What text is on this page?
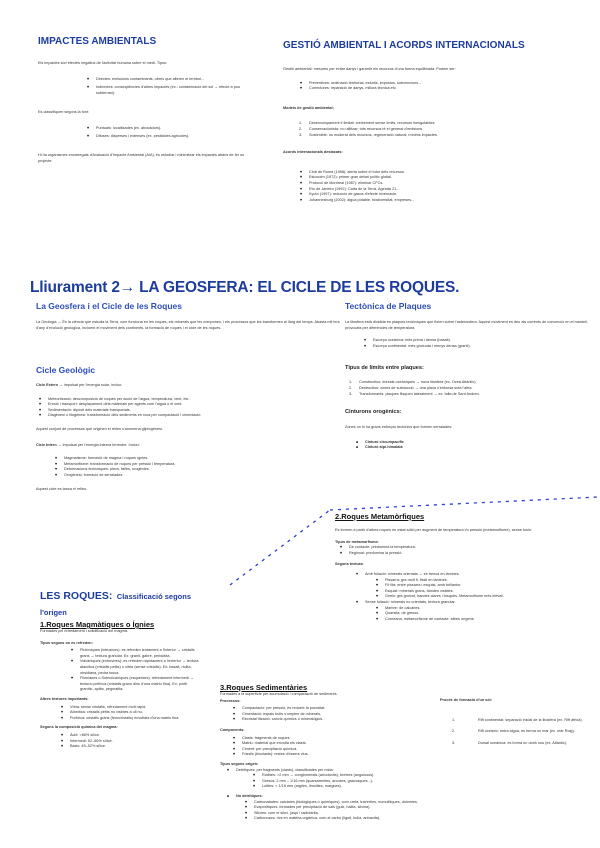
IMPACTES AMBIENTALS
Els impactes són efectes negatius de l'activitat humana sobre el medi. Tipus:
• Directes: emissions contaminants, obres que alteren el territori...
• Indirectes: conseqüències d'altres impactes (ex.: contaminació del sòl → efecte a pou subterrani).
Es classifiquen segons la font:
• Puntuals: localitzades (ex. abocadors).
• Difuses: disperses i extenses (ex. pesticides agrícoles).
Hi ha organismes encarregats d'Avaluació d'Impacte Ambiental (AIA), es estudiar i minimitzar els impactes abans de fer un projecte.
GESTIÓ AMBIENTAL I ACORDS INTERNACIONALS
Gestió ambiental: mesures per evitar danys i garantir els recursos d'una forma equilibrada. Podem ser:
• Preventives: ordenació territorial, estudis, impostos, subvencions...
• Correctores: reparació de danys, millora tècnica etc.
Models de gestió ambiental:
1. Desenvolupament il·limitat: creixement sense límits, recursos inesgotables.
2. Conservacionista: no utilitzar; tots recursos té el general d'emisions.
3. Sostenible: ús moderat dels recursos, regeneració natural, mínims impactes.
Acords internacionals destacats:
• Club de Roma (1968): alerta sobre el futur dels recursos.
• Estocolm (1972): primer gran debat polític global.
• Protocol de Montreal (1987): eliminar CFCs.
• Río de Janeiro (1992): Carta de la Terra, Agenda 21...
• Kyoto (1997): reducció de gasos d'efecte hivernacle.
• Johannesburg (2002): aigua potable, biodiversitat, empreses...
Lliurament 2→ LA GEOSFERA: EL CICLE DE LES ROQUES.
La Geosfera i el Cicle de les Roques
La Geologia → És la ciència que estudia la Terra, com funciona en les roques, els minerals que les componen, i els processos que les transformen al llarg del temps. Abasta mil·lers d'any d'evolució geològica, incloent el moviment dels continents, la formació de roques i el cicle de les roques.
Cicle Geològic
Cicle Extern → impulsat per l'energia solar, inclou:
• Meteorització: descomposició de roques per acció de l'aigua, temperatura, vent, etc.
• Erosió i transport: desplaçament dels materials per agents com l'aigua o el vent.
• Sedimentació: dipòsit dels materials transportats.
• Diagènesi o litogènesi: transformació dels sediments en roca per compactació i cimentació.
Aquest conjunt de processos que originen el relleu s'anomena gliptogènesi.
Cicle Intern → impulsat per l'energia interna terrestre. Inclou:
• Magmatisme: formació de magma i roques ígnies.
• Metamorfisme: transformació de roques per pressió i temperatura.
• Deformacions tectòniques: plecs, falles, orogènies.
• Orogènesi: formació de serralades.
Aquest cicle es tanca el relleu.
Tectònica de Plaques
La litosfera està dividida en plaques tectòniques que floten sobre l'astenosfera. Aquest moviment es deu als corrents de convecció en el mantell, provocats per diferències de temperatura.
• Escorça oceànica: més prima i densa (basalt).
• Escorça continental: més gruixuda i menys densa (granit).
Tipus de límits entre plaques:
1. Constructius: dorsals oceàniques → nova litosfera (ex. Oceà Atlàntic).
2. Destructius: zones de subducció → una placa s'enfonsa sota l'altra.
3. Transformants: plaques llisquen lateralment → ex. falla de Sant Andreu.
Cinturons orogènics:
Zones on hi ha grans esforços tectònics que formen serralades:
• Cinturó circumpacífic
• Cinturó alpí-himalaià
LES ROQUES: Classificació segons
l'origen
1.Roques Magmàtiques o Ígnies
Formades pel refredament i solidificació del magma.
Tipus segons on es refreden:
• Plutòniques (intrusives): es refreden lentament a l'interior → cristalls grans → textura granular. Ex: granit, gabre, peridotita.
• Volcàniques (extrusives): es refreden ràpidament a l'exterior → textura afanítica (cristalls petits) o vítria (sense cristalls). Ex: basalt, riolita, obsidiana, pedra tosca.
• Filonianes o Subvolcàniques (esquerdes): refredament intermedi → textura porfírica (cristalls grans dins d'una matriu fina). Ex: pòrfir granític, aplita, pegmatita.
Altres textures importants:
• Vítria: sense cristalls, refredament molt ràpid.
• Afanítica: cristalls petits no visibles a ull nu.
• Porfírica: cristalls grans (fenocristalls) envoltats d'una matriu fina.
Segons la composició química del magma:
• Àcid: >66% sílice.
• Intermedi: 52–66% sílice.
• Bàsic: 45–52% sílice.
2.Roques Metamòrfiques
Es formen a partir d'altres roques en estat sòlid per augment de temperatura i/o pressió (metamorfisme), sense fusió.
Tipus de metamorfisme:
• De contacte: predomina la temperatura.
• Regional: predomina la pressió.
Segons textura:
• Amb foliació: minerals orientats → es trenca en làmines.
• Pissarra: gra molt fi, fissil en làmines.
• Fil·lita: entre pissarra i esquist, amb brillantor.
• Esquist: minerals grans, bandes visibles.
• Gneis: gra gruixut, bandes clares i fosques. Metamorfisme més elevat.
• Sense foliació: minerals no orientats, textura granular.
• Marbre: de calcàries.
• Quarsita: de gresos.
• Corneana, metamorfisme de contacte: altres orígens.
3.Roques Sedimentàries
Formades a la superfície per acumulació i compactació de sediments.
Processos:
• Compactació: per pressió, es redueix la porositat.
• Cimentació: espais buits s'omplen de minerals.
• Recristal·lització: canvis químics o mineralògics.
Components:
• Clasts: fragments de roques.
• Matriu: material que envolta els clasts.
• Ciment: per precipitació química.
• Fòssils (bioclasts): restes d'éssers vius.
Tipus segons origen:
• Detrítiques: per fragments (clasts), classificades per mida:
• Rudites: >2 mm → conglomerats (arrodonits), bretxes (angulosos).
• Gresos: 2 mm – 1/16 mm (quarsarenites, arcoses, grauvaques...).
• Lutites: < 1/16 mm (argiles, limolites, margues).
• No detrítiques:
• Carbonatades: calcàries (biològiques o químiques), com creta, travertins, numulítiques, dolomies.
• Evaporítiques: formades per precipitació de sals (guix, halita, silvina).
• Silícies: com el sílex, jaspi i radiolarita.
• Carbonoses: rics en matèria orgànica, com el carbó (lignit, hulla, antracita).
Procés de formació d'un sòl:
1.	Rift continental: separació inicial de la litosfera (ex. Rift africà).
2.	Rift oceànic: entra aigua, es forma un mar (ex. mar Roig).
3.	Dorsal oceànica: es forma un oceà nou (ex. Atlàntic).
